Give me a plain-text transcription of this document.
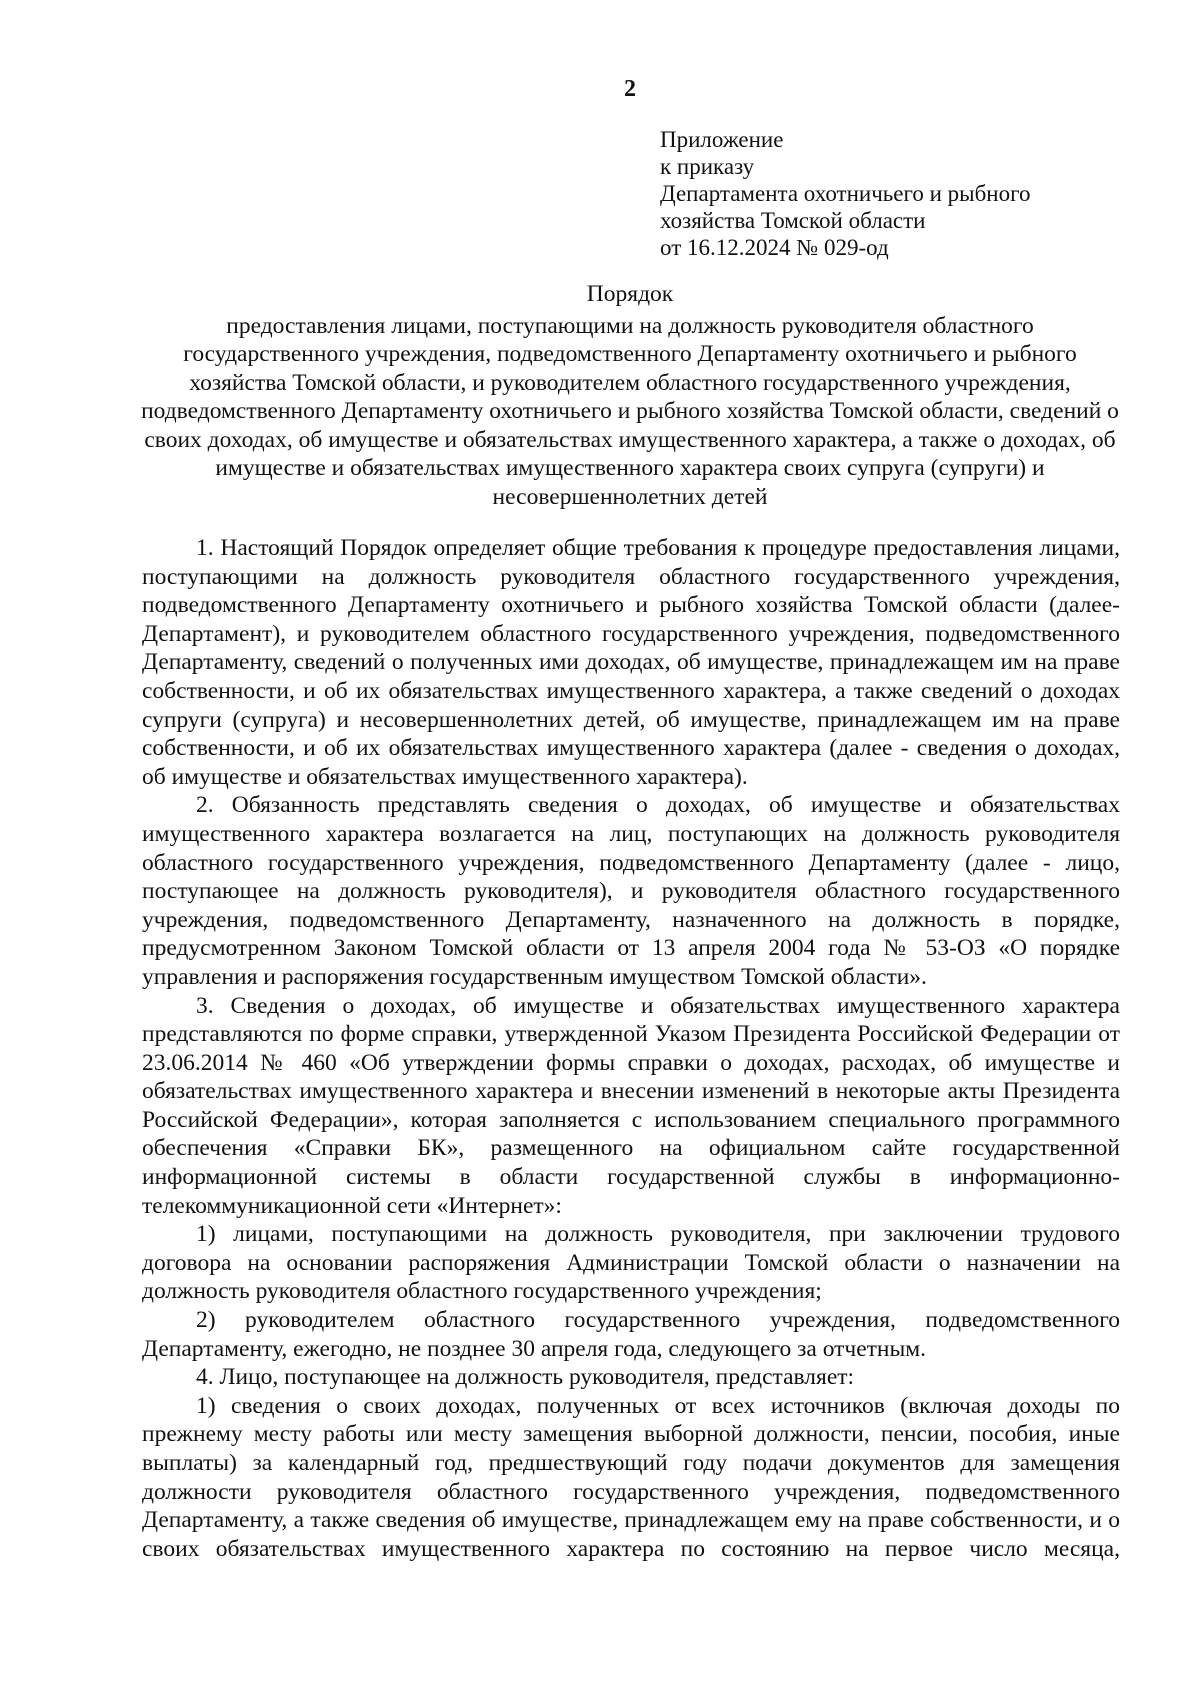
2
Приложение
к приказу
Департамента охотничьего и рыбного
хозяйства Томской области
от 16.12.2024 № 029-од
Порядок
предоставления лицами, поступающими на должность руководителя областного государственного учреждения, подведомственного Департаменту охотничьего и рыбного хозяйства Томской области, и руководителем областного государственного учреждения, подведомственного Департаменту охотничьего и рыбного хозяйства Томской области, сведений о своих доходах, об имуществе и обязательствах имущественного характера, а также о доходах, об имуществе и обязательствах имущественного характера своих супруга (супруги) и несовершеннолетних детей

1. Настоящий Порядок определяет общие требования к процедуре предоставления лицами, поступающими на должность руководителя областного государственного учреждения, подведомственного Департаменту охотничьего и рыбного хозяйства Томской области (далее- Департамент), и руководителем областного государственного учреждения, подведомственного Департаменту, сведений о полученных ими доходах, об имуществе, принадлежащем им на праве собственности, и об их обязательствах имущественного характера, а также сведений о доходах супруги (супруга) и несовершеннолетних детей, об имуществе, принадлежащем им на праве собственности, и об их обязательствах имущественного характера (далее - сведения о доходах, об имуществе и обязательствах имущественного характера).

2. Обязанность представлять сведения о доходах, об имуществе и обязательствах имущественного характера возлагается на лиц, поступающих на должность руководителя областного государственного учреждения, подведомственного Департаменту (далее - лицо, поступающее на должность руководителя), и руководителя областного государственного учреждения, подведомственного Департаменту, назначенного на должность в порядке, предусмотренном Законом Томской области от 13 апреля 2004 года № 53-ОЗ «О порядке управления и распоряжения государственным имуществом Томской области».

3. Сведения о доходах, об имуществе и обязательствах имущественного характера представляются по форме справки, утвержденной Указом Президента Российской Федерации от 23.06.2014 № 460 «Об утверждении формы справки о доходах, расходах, об имуществе и обязательствах имущественного характера и внесении изменений в некоторые акты Президента Российской Федерации», которая заполняется с использованием специального программного обеспечения «Справки БК», размещенного на официальном сайте государственной информационной системы в области государственной службы в информационно-телекоммуникационной сети «Интернет»:

1) лицами, поступающими на должность руководителя, при заключении трудового договора на основании распоряжения Администрации Томской области о назначении на должность руководителя областного государственного учреждения;

2) руководителем областного государственного учреждения, подведомственного Департаменту, ежегодно, не позднее 30 апреля года, следующего за отчетным.

4. Лицо, поступающее на должность руководителя, представляет:

1) сведения о своих доходах, полученных от всех источников (включая доходы по прежнему месту работы или месту замещения выборной должности, пенсии, пособия, иные выплаты) за календарный год, предшествующий году подачи документов для замещения должности руководителя областного государственного учреждения, подведомственного Департаменту, а также сведения об имуществе, принадлежащем ему на праве собственности, и о своих обязательствах имущественного характера по состоянию на первое число месяца,
